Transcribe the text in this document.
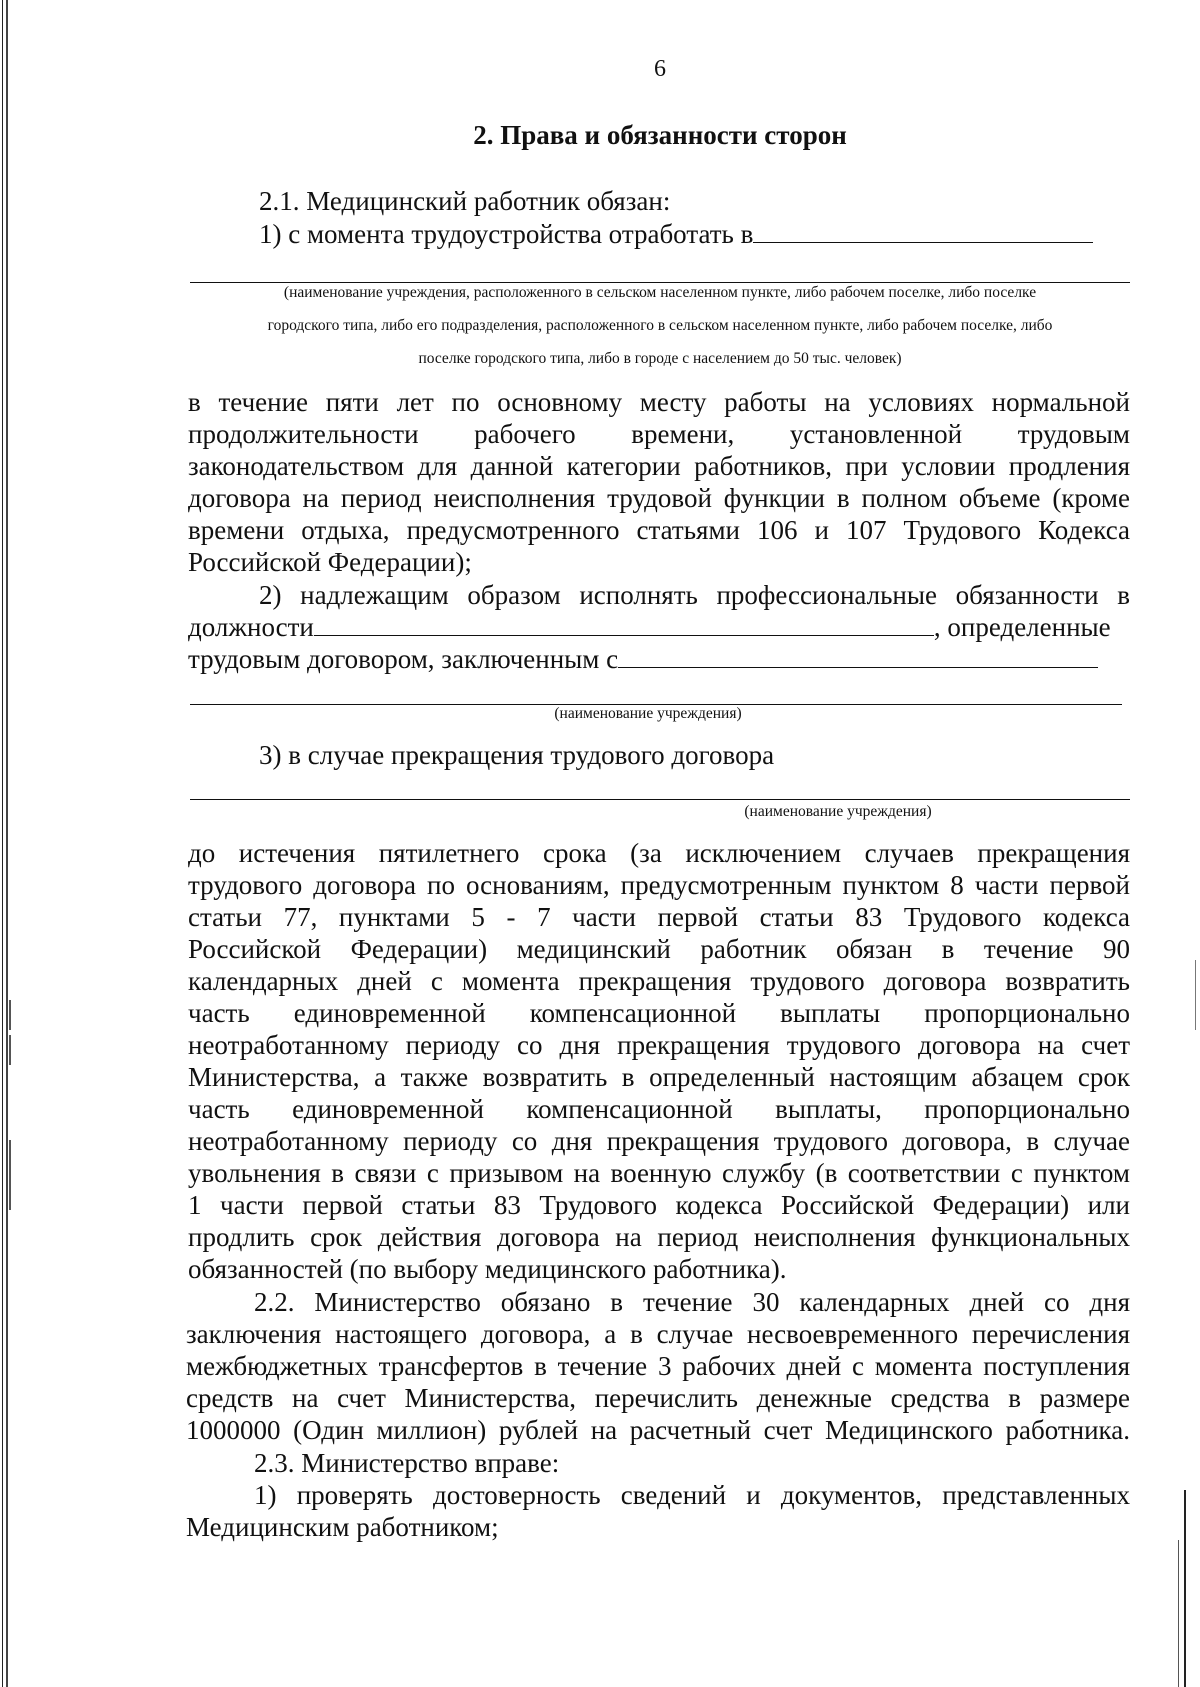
6
2. Права и обязанности сторон
2.1. Медицинский работник обязан:
1) с момента трудоустройства отработать в
(наименование учреждения, расположенного в сельском населенном пункте, либо рабочем поселке, либо поселке
городского типа, либо его подразделения, расположенного в сельском населенном пункте, либо рабочем поселке, либо
поселке городского типа, либо в городе с населением до 50 тыс. человек)
в течение пяти лет по основному месту работы на условиях нормальной
продолжительности рабочего времени, установленной трудовым
законодательством для данной категории работников, при условии продления
договора на период неисполнения трудовой функции в полном объеме (кроме
времени отдыха, предусмотренного статьями 106 и 107 Трудового Кодекса
Российской Федерации);
2) надлежащим образом исполнять профессиональные обязанности в
должности	, определенные
трудовым договором, заключенным с
(наименование учреждения)
3) в случае прекращения трудового договора
(наименование учреждения)
до истечения пятилетнего срока (за исключением случаев прекращения
трудового договора по основаниям, предусмотренным пунктом 8 части первой
статьи 77, пунктами 5 - 7 части первой статьи 83 Трудового кодекса
Российской Федерации) медицинский работник обязан в течение 90
календарных дней с момента прекращения трудового договора возвратить
часть единовременной компенсационной выплаты пропорционально
неотработанному периоду со дня прекращения трудового договора на счет
Министерства, а также возвратить в определенный настоящим абзацем срок
часть единовременной компенсационной выплаты, пропорционально
неотработанному периоду со дня прекращения трудового договора, в случае
увольнения в связи с призывом на военную службу (в соответствии с пунктом
1 части первой статьи 83 Трудового кодекса Российской Федерации) или
продлить срок действия договора на период неисполнения функциональных
обязанностей (по выбору медицинского работника).
2.2. Министерство обязано в течение 30 календарных дней со дня
заключения настоящего договора, а в случае несвоевременного перечисления
межбюджетных трансфертов в течение 3 рабочих дней с момента поступления
средств на счет Министерства, перечислить денежные средства в размере
1000000 (Один миллион) рублей на расчетный счет Медицинского работника.
2.3. Министерство вправе:
1) проверять достоверность сведений и документов, представленных
Медицинским работником;
